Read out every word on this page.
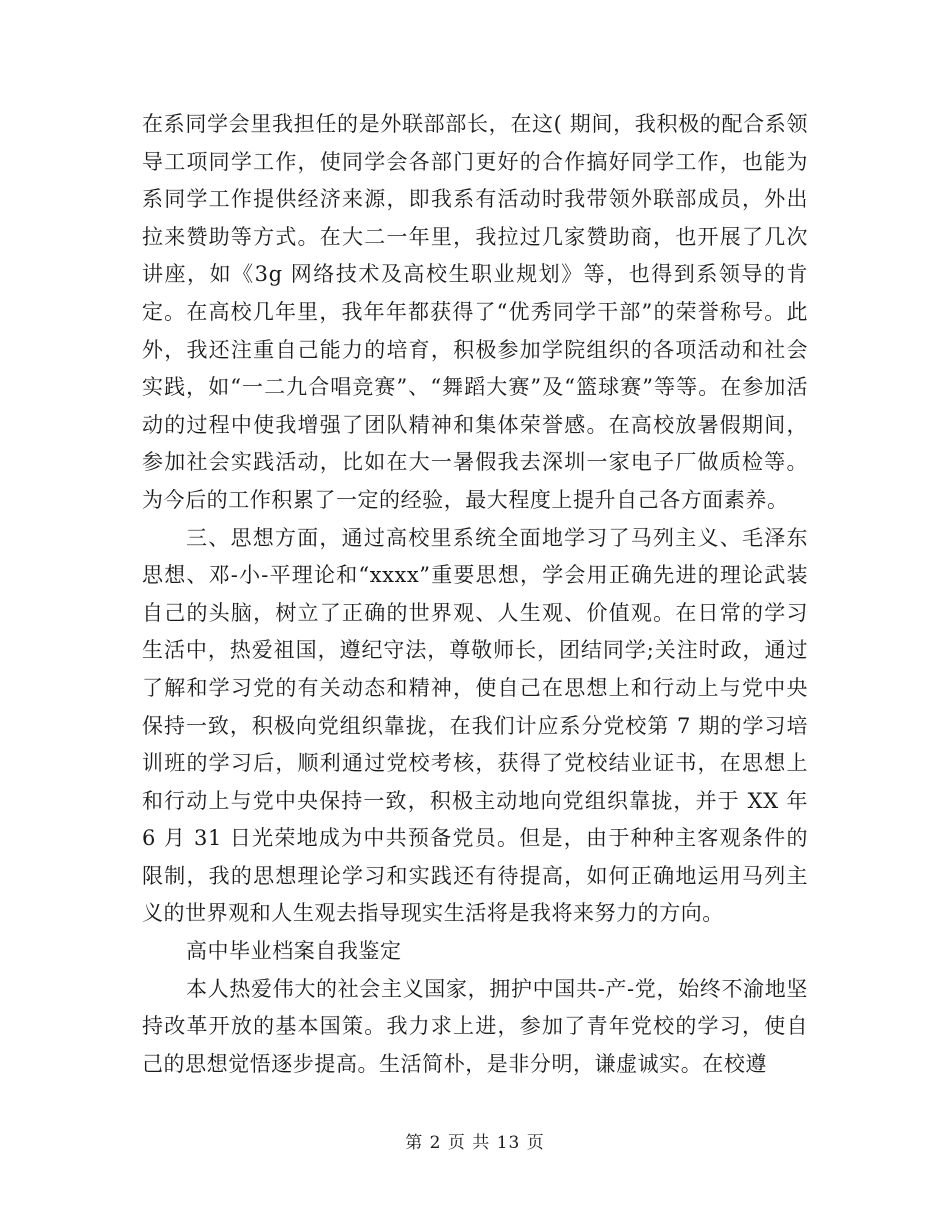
在系同学会里我担任的是外联部部长，在这( 期间，我积极的配合系领导工项同学工作，使同学会各部门更好的合作搞好同学工作，也能为系同学工作提供经济来源，即我系有活动时我带领外联部成员，外出拉来赞助等方式。在大二一年里，我拉过几家赞助商，也开展了几次讲座，如《3g 网络技术及高校生职业规划》等，也得到系领导的肯定。在高校几年里，我年年都获得了“优秀同学干部”的荣誉称号。此外，我还注重自己能力的培育，积极参加学院组织的各项活动和社会实践，如“一二九合唱竞赛”、“舞蹈大赛”及“篮球赛”等等。在参加活动的过程中使我增强了团队精神和集体荣誉感。在高校放暑假期间，参加社会实践活动，比如在大一暑假我去深圳一家电子厂做质检等。为今后的工作积累了一定的经验，最大程度上提升自己各方面素养。

三、思想方面，通过高校里系统全面地学习了马列主义、毛泽东思想、邓-小-平理论和“xxxx”重要思想，学会用正确先进的理论武装自己的头脑，树立了正确的世界观、人生观、价值观。在日常的学习生活中，热爱祖国，遵纪守法，尊敬师长，团结同学;关注时政，通过了解和学习党的有关动态和精神，使自己在思想上和行动上与党中央保持一致，积极向党组织靠拢，在我们计应系分党校第 7 期的学习培训班的学习后，顺利通过党校考核，获得了党校结业证书，在思想上和行动上与党中央保持一致，积极主动地向党组织靠拢，并于 XX 年 6 月 31 日光荣地成为中共预备党员。但是，由于种种主客观条件的限制，我的思想理论学习和实践还有待提高，如何正确地运用马列主义的世界观和人生观去指导现实生活将是我将来努力的方向。

高中毕业档案自我鉴定

本人热爱伟大的社会主义国家，拥护中国共-产-党，始终不渝地坚持改革开放的基本国策。我力求上进，参加了青年党校的学习，使自己的思想觉悟逐步提高。生活简朴，是非分明，谦虚诚实。在校遵

第 2 页 共 13 页
